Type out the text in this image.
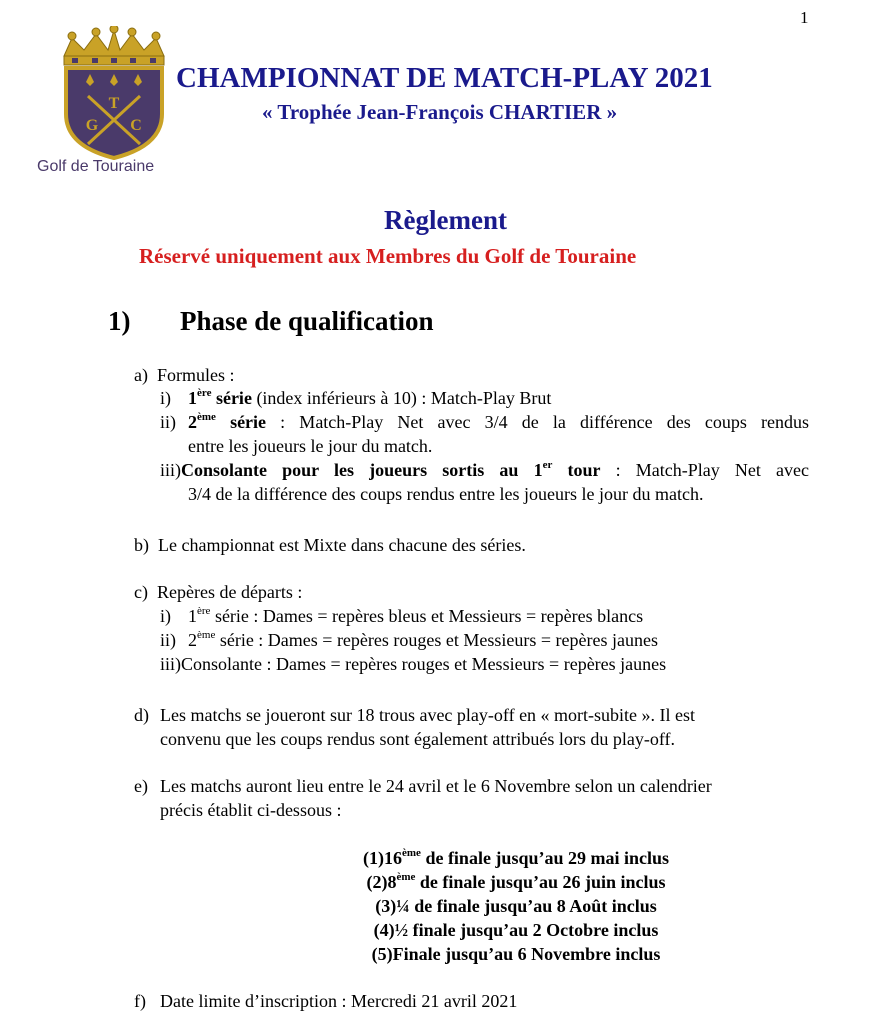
1
T
G C
Golf de Touraine
CHAMPIONNAT DE MATCH-PLAY 2021
« Trophée Jean-François CHARTIER »
Règlement
Réservé uniquement aux Membres du Golf de Touraine
1) Phase de qualification
a) Formules :
i) 1ère série (index inférieurs à 10) : Match-Play Brut
ii) 2ème série : Match-Play Net avec 3/4 de la différence des coups rendus
entre les joueurs le jour du match.
iii)Consolante pour les joueurs sortis au 1er tour : Match-Play Net avec
3/4 de la différence des coups rendus entre les joueurs le jour du match.
b) Le championnat est Mixte dans chacune des séries.
c) Repères de départs :
i) 1ère série : Dames = repères bleus et Messieurs = repères blancs
ii) 2ème série : Dames = repères rouges et Messieurs = repères jaunes
iii)Consolante : Dames = repères rouges et Messieurs = repères jaunes
d) Les matchs se joueront sur 18 trous avec play-off en « mort-subite ». Il est
convenu que les coups rendus sont également attribués lors du play-off.
e) Les matchs auront lieu entre le 24 avril et le 6 Novembre selon un calendrier
précis établit ci-dessous :
(1)16ème de finale jusqu’au 29 mai inclus
(2)8ème de finale jusqu’au 26 juin inclus
(3)¼ de finale jusqu’au 8 Août inclus
(4)½ finale jusqu’au 2 Octobre inclus
(5)Finale jusqu’au 6 Novembre inclus
f) Date limite d’inscription : Mercredi 21 avril 2021
